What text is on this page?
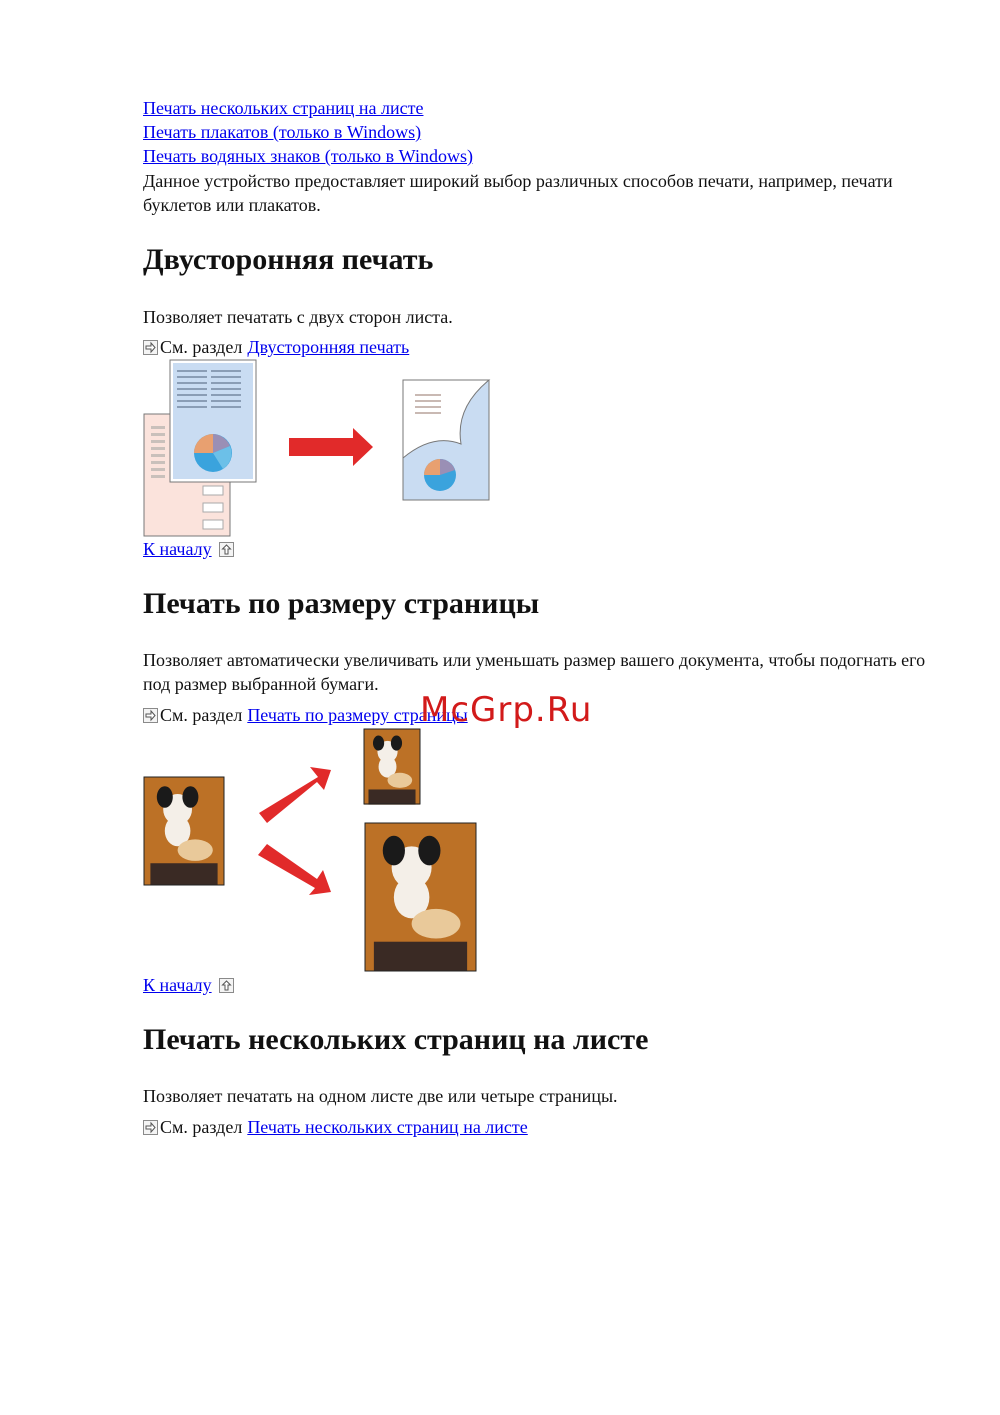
Печать нескольких страниц на листе
Печать плакатов (только в Windows)
Печать водяных знаков (только в Windows)
Данное устройство предоставляет широкий выбор различных способов печати, например, печати буклетов или плакатов.
Двусторонняя печать
Позволяет печатать с двух сторон листа.
См. раздел Двусторонняя печать
К началу
Печать по размеру страницы
Позволяет автоматически увеличивать или уменьшать размер вашего документа, чтобы подогнать его под размер выбранной бумаги.
См. раздел Печать по размеру страницы
McGrp.Ru
К началу
Печать нескольких страниц на листе
Позволяет печатать на одном листе две или четыре страницы.
См. раздел Печать нескольких страниц на листе
